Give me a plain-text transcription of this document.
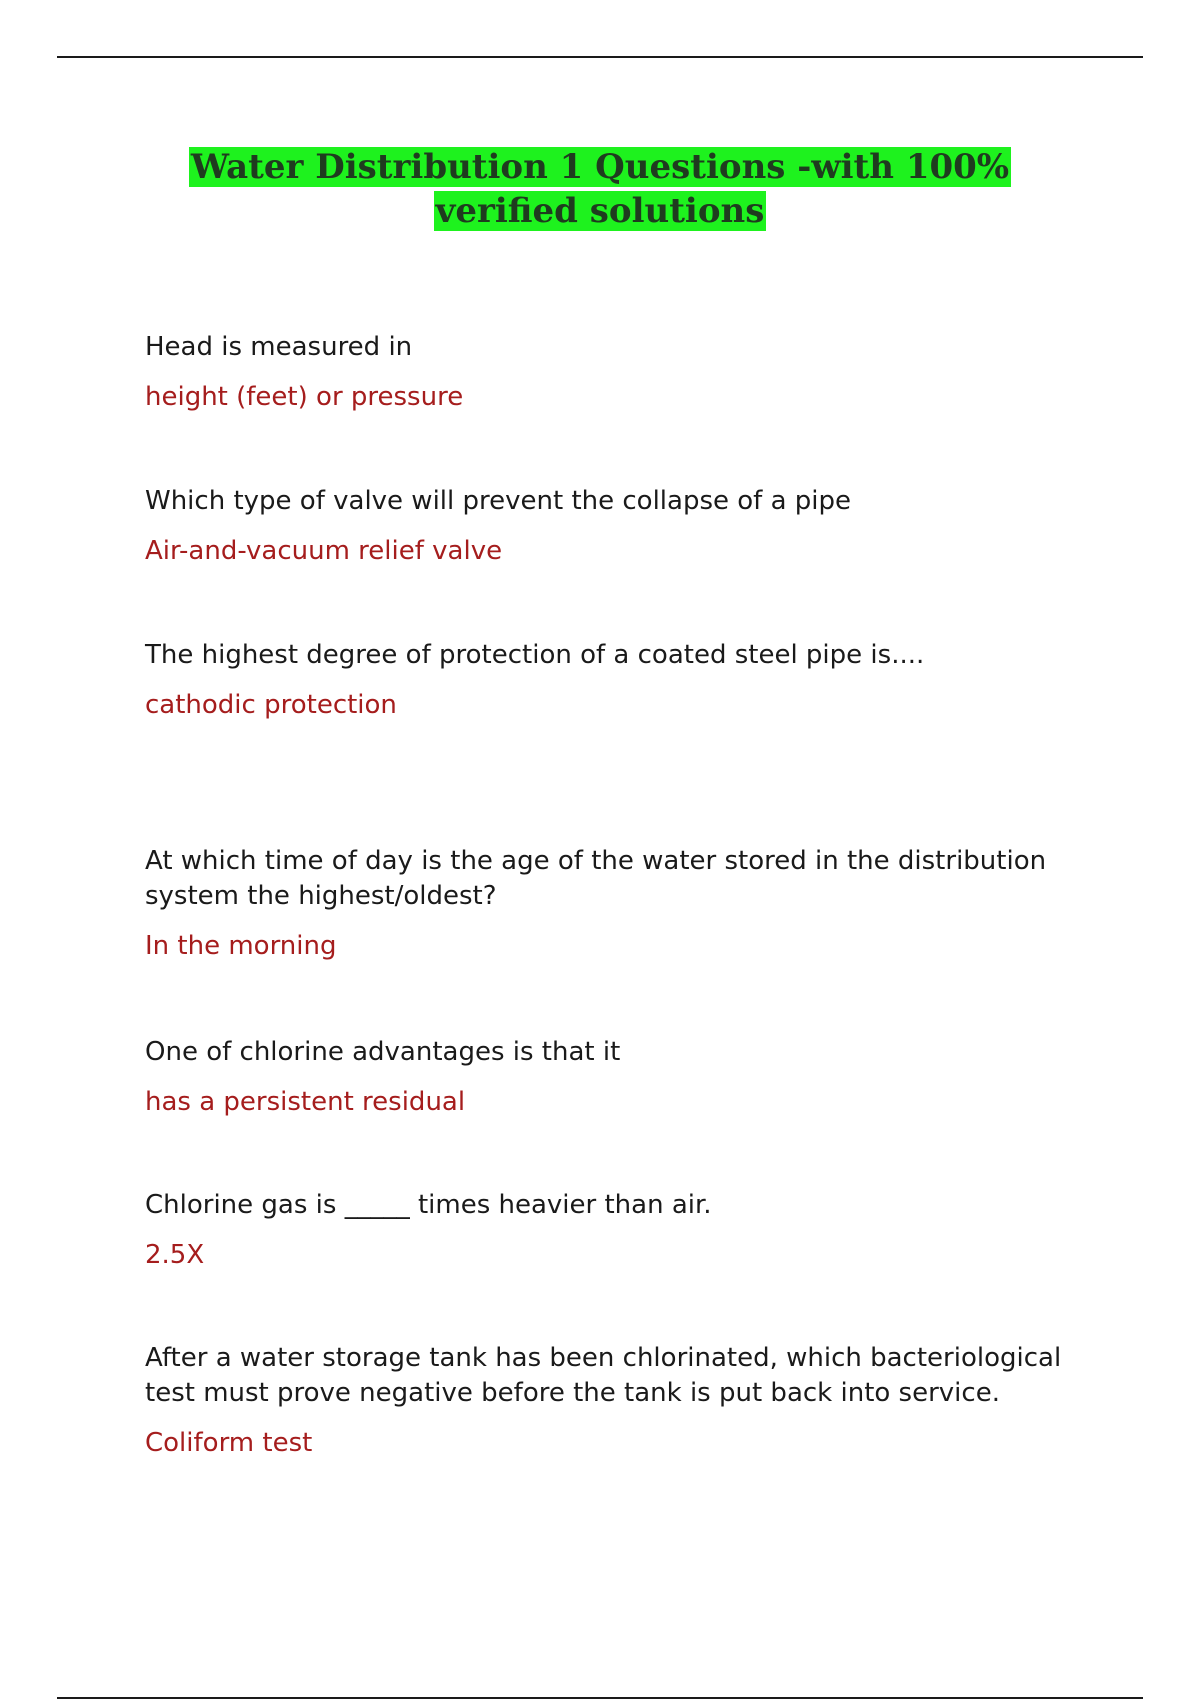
Water Distribution 1 Questions -with 100% verified solutions

Head is measured in

height (feet) or pressure

Which type of valve will prevent the collapse of a pipe

Air-and-vacuum relief valve

The highest degree of protection of a coated steel pipe is....

cathodic protection

At which time of day is the age of the water stored in the distribution system the highest/oldest?

In the morning

One of chlorine advantages is that it

has a persistent residual

Chlorine gas is _____ times heavier than air.

2.5X

After a water storage tank has been chlorinated, which bacteriological test must prove negative before the tank is put back into service.

Coliform test
